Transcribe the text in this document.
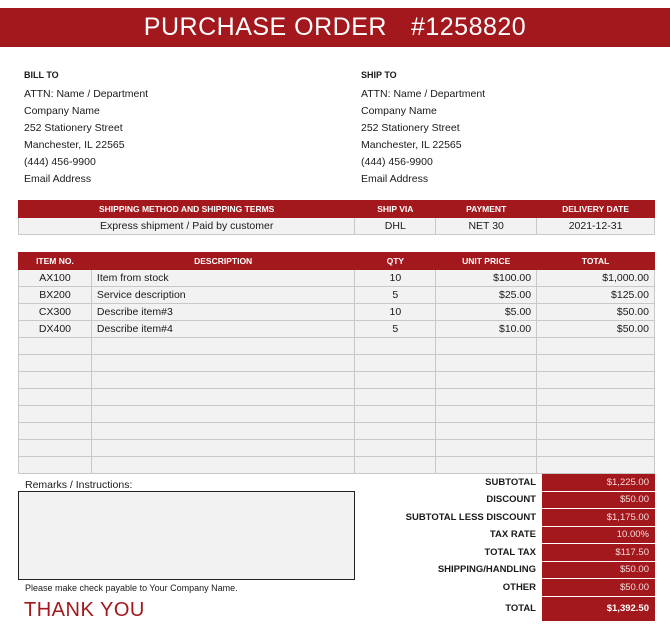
PURCHASE ORDER #1258820
BILL TO
ATTN: Name / Department
Company Name
252 Stationery Street
Manchester, IL 22565
(444) 456-9900
Email Address
SHIP TO
ATTN: Name / Department
Company Name
252 Stationery Street
Manchester, IL 22565
(444) 456-9900
Email Address
SHIPPING METHOD AND SHIPPING TERMS	SHIP VIA	PAYMENT	DELIVERY DATE
Express shipment / Paid by customer	DHL	NET 30	2021-12-31
ITEM NO.	DESCRIPTION	QTY	UNIT PRICE	TOTAL
AX100	Item from stock	10	$100.00	$1,000.00
BX200	Service description	5	$25.00	$125.00
CX300	Describe item#3	10	$5.00	$50.00
DX400	Describe item#4	5	$10.00	$50.00

Remarks / Instructions:
Please make check payable to Your Company Name.
THANK YOU
SUBTOTAL	$1,225.00
DISCOUNT	$50.00
SUBTOTAL LESS DISCOUNT	$1,175.00
TAX RATE	10.00%
TOTAL TAX	$117.50
SHIPPING/HANDLING	$50.00
OTHER	$50.00
TOTAL	$1,392.50
